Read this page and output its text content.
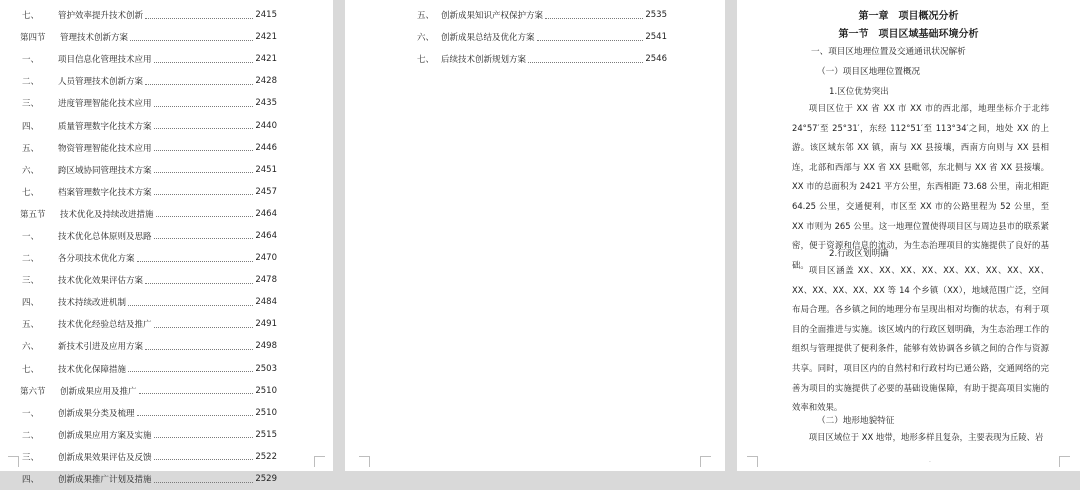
七、	管护效率提升技术创新	2415
第四节	管理技术创新方案	2421
一、	项目信息化管理技术应用	2421
二、	人员管理技术创新方案	2428
三、	进度管理智能化技术应用	2435
四、	质量管理数字化技术方案	2440
五、	物资管理智能化技术应用	2446
六、	跨区域协同管理技术方案	2451
七、	档案管理数字化技术方案	2457
第五节	技术优化及持续改进措施	2464
一、	技术优化总体原则及思路	2464
二、	各分项技术优化方案	2470
三、	技术优化效果评估方案	2478
四、	技术持续改进机制	2484
五、	技术优化经验总结及推广	2491
六、	新技术引进及应用方案	2498
七、	技术优化保障措施	2503
第六节	创新成果应用及推广	2510
一、	创新成果分类及梳理	2510
二、	创新成果应用方案及实施	2515
三、	创新成果效果评估及反馈	2522
四、	创新成果推广计划及措施	2529
五、 创新成果知识产权保护方案	2535
六、 创新成果总结及优化方案	2541
七、 后续技术创新规划方案	2546
第一章　项目概况分析
第一节　项目区域基础环境分析
一、项目区地理位置及交通通讯状况解析
（一）项目区地理位置概况
1.区位优势突出

项目区位于 XX 省 XX 市 XX 市的西北部，地理坐标介于北纬 24°57′至 25°31′，东经 112°51′至 113°34′之间，地处 XX 的上游。该区域东邻 XX 镇，南与 XX 县接壤，西南方向则与 XX 县相连，北部和西部与 XX 省 XX 县毗邻，东北侧与 XX 省 XX 县接壤。XX 市的总面积为 2421 平方公里，东西相距 73.68 公里，南北相距 64.25 公里，交通便利，市区至 XX 市的公路里程为 52 公里，至 XX 市则为 265 公里。这一地理位置使得项目区与周边县市的联系紧密，便于资源和信息的流动，为生态治理项目的实施提供了良好的基础。

2.行政区划明确

项目区涵盖 XX、XX、XX、XX、XX、XX、XX、XX、XX、XX、XX、XX、XX、XX 等 14 个乡镇（XX），地域范围广泛，空间布局合理。各乡镇之间的地理分布呈现出相对均衡的状态，有利于项目的全面推进与实施。该区域内的行政区划明确，为生态治理工作的组织与管理提供了便利条件，能够有效协调各乡镇之间的合作与资源共享。同时，项目区内的自然村和行政村均已通公路，交通网络的完善为项目的实施提供了必要的基础设施保障，有助于提高项目实施的效率和效果。

（二）地形地貌特征

项目区域位于 XX 地带，地形多样且复杂，主要表现为丘陵、岩

.
